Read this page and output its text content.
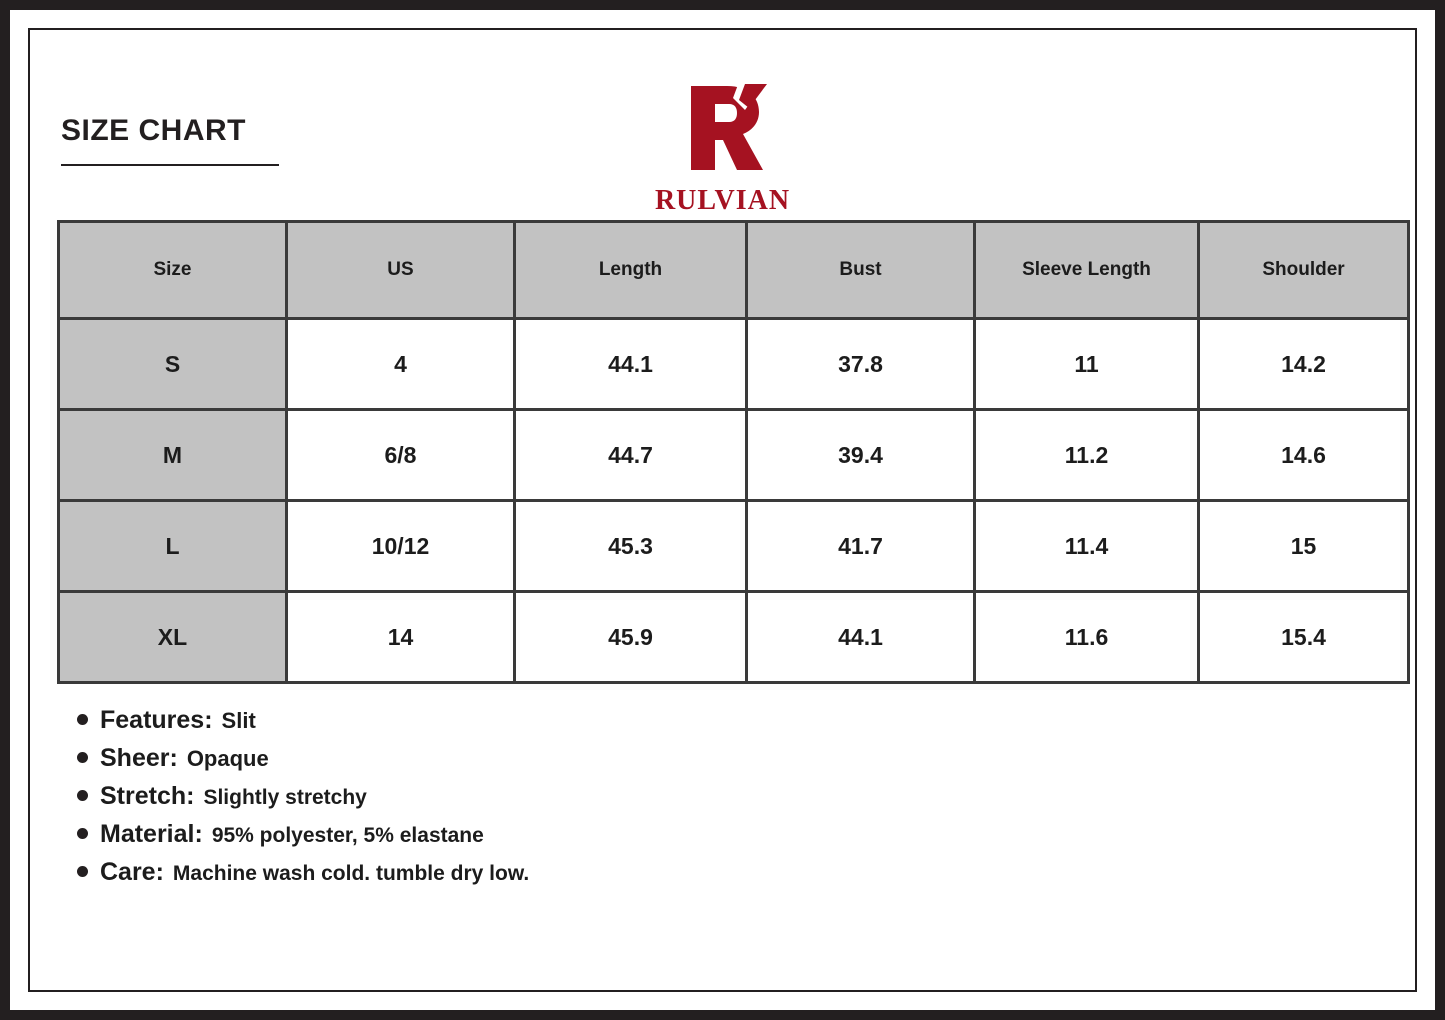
SIZE CHART
RULVIAN
Size	US	Length	Bust	Sleeve Length	Shoulder
S	4	44.1	37.8	11	14.2
M	6/8	44.7	39.4	11.2	14.6
L	10/12	45.3	41.7	11.4	15
XL	14	45.9	44.1	11.6	15.4
Features: Slit
Sheer: Opaque
Stretch: Slightly stretchy
Material: 95% polyester, 5% elastane
Care: Machine wash cold. tumble dry low.
